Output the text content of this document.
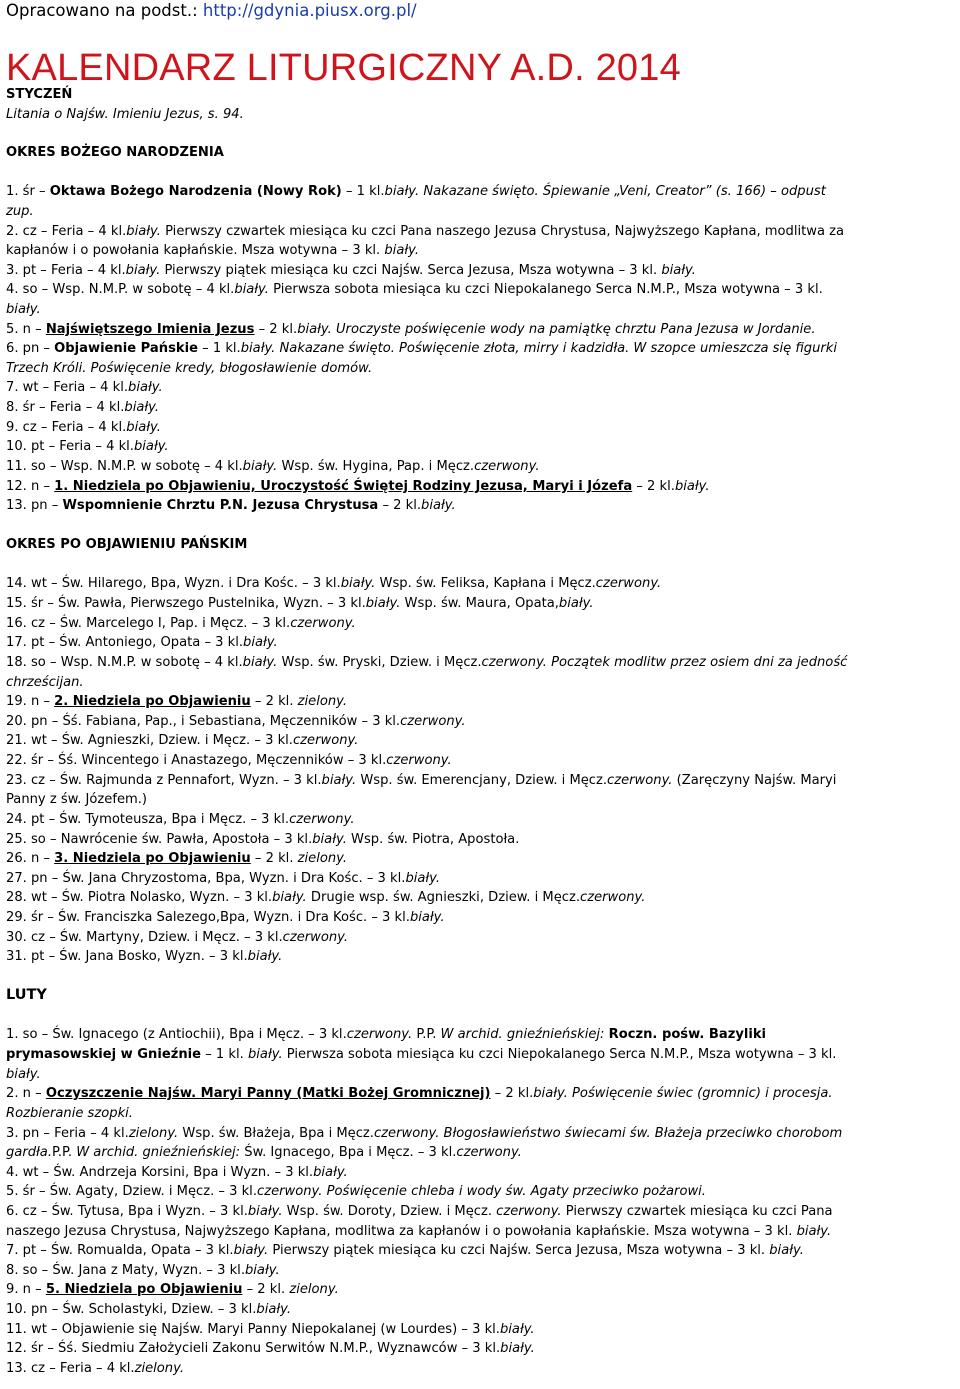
Opracowano na podst.: http://gdynia.piusx.org.pl/
KALENDARZ LITURGICZNY A.D. 2014
STYCZEŃ
Litania o Najśw. Imieniu Jezus, s. 94.
OKRES BOŻEGO NARODZENIA
1. śr – Oktawa Bożego Narodzenia (Nowy Rok) – 1 kl.biały. Nakazane święto. Śpiewanie „Veni, Creator” (s. 166) – odpust
zup.
2. cz – Feria – 4 kl.biały. Pierwszy czwartek miesiąca ku czci Pana naszego Jezusa Chrystusa, Najwyższego Kapłana, modlitwa za
kapłanów i o powołania kapłańskie. Msza wotywna – 3 kl. biały.
3. pt – Feria – 4 kl.biały. Pierwszy piątek miesiąca ku czci Najśw. Serca Jezusa, Msza wotywna – 3 kl. biały.
4. so – Wsp. N.M.P. w sobotę – 4 kl.biały. Pierwsza sobota miesiąca ku czci Niepokalanego Serca N.M.P., Msza wotywna – 3 kl.
biały.
5. n – Najświętszego Imienia Jezus – 2 kl.biały. Uroczyste poświęcenie wody na pamiątkę chrztu Pana Jezusa w Jordanie.
6. pn – Objawienie Pańskie – 1 kl.biały. Nakazane święto. Poświęcenie złota, mirry i kadzidła. W szopce umieszcza się figurki
Trzech Króli. Poświęcenie kredy, błogosławienie domów.
7. wt – Feria – 4 kl.biały.
8. śr – Feria – 4 kl.biały.
9. cz – Feria – 4 kl.biały.
10. pt – Feria – 4 kl.biały.
11. so – Wsp. N.M.P. w sobotę – 4 kl.biały. Wsp. św. Hygina, Pap. i Męcz.czerwony.
12. n – 1. Niedziela po Objawieniu, Uroczystość Świętej Rodziny Jezusa, Maryi i Józefa – 2 kl.biały.
13. pn – Wspomnienie Chrztu P.N. Jezusa Chrystusa – 2 kl.biały.
OKRES PO OBJAWIENIU PAŃSKIM
14. wt – Św. Hilarego, Bpa, Wyzn. i Dra Kośc. – 3 kl.biały. Wsp. św. Feliksa, Kapłana i Męcz.czerwony.
15. śr – Św. Pawła, Pierwszego Pustelnika, Wyzn. – 3 kl.biały. Wsp. św. Maura, Opata,biały.
16. cz – Św. Marcelego I, Pap. i Męcz. – 3 kl.czerwony.
17. pt – Św. Antoniego, Opata – 3 kl.biały.
18. so – Wsp. N.M.P. w sobotę – 4 kl.biały. Wsp. św. Pryski, Dziew. i Męcz.czerwony. Początek modlitw przez osiem dni za jedność
chrześcijan.
19. n – 2. Niedziela po Objawieniu – 2 kl. zielony.
20. pn – Śś. Fabiana, Pap., i Sebastiana, Męczenników – 3 kl.czerwony.
21. wt – Św. Agnieszki, Dziew. i Męcz. – 3 kl.czerwony.
22. śr – Śś. Wincentego i Anastazego, Męczenników – 3 kl.czerwony.
23. cz – Św. Rajmunda z Pennafort, Wyzn. – 3 kl.biały. Wsp. św. Emerencjany, Dziew. i Męcz.czerwony. (Zaręczyny Najśw. Maryi
Panny z św. Józefem.)
24. pt – Św. Tymoteusza, Bpa i Męcz. – 3 kl.czerwony.
25. so – Nawrócenie św. Pawła, Apostoła – 3 kl.biały. Wsp. św. Piotra, Apostoła.
26. n – 3. Niedziela po Objawieniu – 2 kl. zielony.
27. pn – Św. Jana Chryzostoma, Bpa, Wyzn. i Dra Kośc. – 3 kl.biały.
28. wt – Św. Piotra Nolasko, Wyzn. – 3 kl.biały. Drugie wsp. św. Agnieszki, Dziew. i Męcz.czerwony.
29. śr – Św. Franciszka Salezego,Bpa, Wyzn. i Dra Kośc. – 3 kl.biały.
30. cz – Św. Martyny, Dziew. i Męcz. – 3 kl.czerwony.
31. pt – Św. Jana Bosko, Wyzn. – 3 kl.biały.
LUTY
1. so – Św. Ignacego (z Antiochii), Bpa i Męcz. – 3 kl.czerwony. P.P. W archid. gnieźnieńskiej: Roczn. pośw. Bazyliki
prymasowskiej w Gnieźnie – 1 kl. biały. Pierwsza sobota miesiąca ku czci Niepokalanego Serca N.M.P., Msza wotywna – 3 kl.
biały.
2. n – Oczyszczenie Najśw. Maryi Panny (Matki Bożej Gromnicznej) – 2 kl.biały. Poświęcenie świec (gromnic) i procesja.
Rozbieranie szopki.
3. pn – Feria – 4 kl.zielony. Wsp. św. Błażeja, Bpa i Męcz.czerwony. Błogosławieństwo świecami św. Błażeja przeciwko chorobom
gardła.P.P. W archid. gnieźnieńskiej: Św. Ignacego, Bpa i Męcz. – 3 kl.czerwony.
4. wt – Św. Andrzeja Korsini, Bpa i Wyzn. – 3 kl.biały.
5. śr – Św. Agaty, Dziew. i Męcz. – 3 kl.czerwony. Poświęcenie chleba i wody św. Agaty przeciwko pożarowi.
6. cz – Św. Tytusa, Bpa i Wyzn. – 3 kl.biały. Wsp. św. Doroty, Dziew. i Męcz. czerwony. Pierwszy czwartek miesiąca ku czci Pana
naszego Jezusa Chrystusa, Najwyższego Kapłana, modlitwa za kapłanów i o powołania kapłańskie. Msza wotywna – 3 kl. biały.
7. pt – Św. Romualda, Opata – 3 kl.biały. Pierwszy piątek miesiąca ku czci Najśw. Serca Jezusa, Msza wotywna – 3 kl. biały.
8. so – Św. Jana z Maty, Wyzn. – 3 kl.biały.
9. n – 5. Niedziela po Objawieniu – 2 kl. zielony.
10. pn – Św. Scholastyki, Dziew. – 3 kl.biały.
11. wt – Objawienie się Najśw. Maryi Panny Niepokalanej (w Lourdes) – 3 kl.biały.
12. śr – Śś. Siedmiu Założycieli Zakonu Serwitów N.M.P., Wyznawców – 3 kl.biały.
13. cz – Feria – 4 kl.zielony.
